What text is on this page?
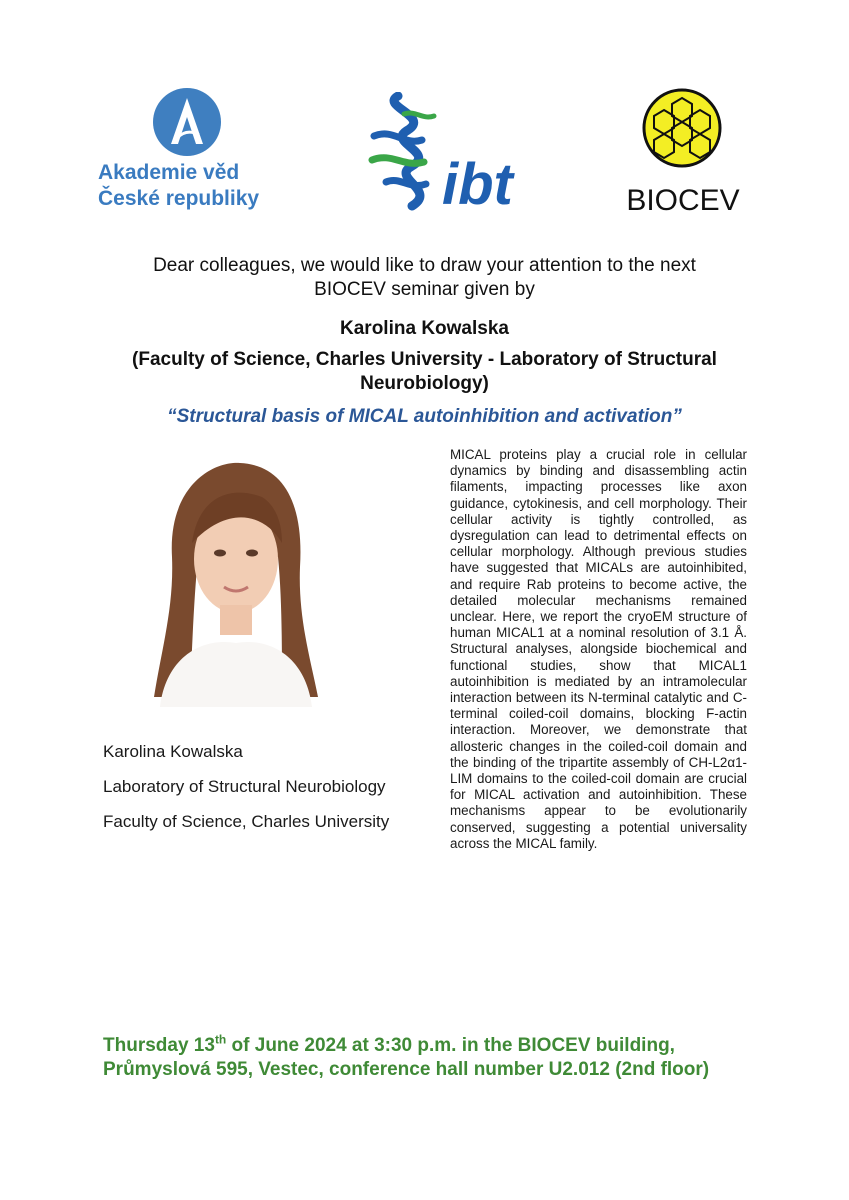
Akademie věd
České republiky	ibt	BIOCEV
Dear colleagues, we would like to draw your attention to the next BIOCEV seminar given by
Karolina Kowalska
(Faculty of Science, Charles University - Laboratory of Structural Neurobiology)
“Structural basis of MICAL autoinhibition and activation”

Karolina Kowalska

Laboratory of Structural Neurobiology

Faculty of Science, Charles University

MICAL proteins play a crucial role in cellular dynamics by binding and disassembling actin filaments, impacting processes like axon guidance, cytokinesis, and cell morphology. Their cellular activity is tightly controlled, as dysregulation can lead to detrimental effects on cellular morphology. Although previous studies have suggested that MICALs are autoinhibited, and require Rab proteins to become active, the detailed molecular mechanisms remained unclear. Here, we report the cryoEM structure of human MICAL1 at a nominal resolution of 3.1 Å. Structural analyses, alongside biochemical and functional studies, show that MICAL1 autoinhibition is mediated by an intramolecular interaction between its N-terminal catalytic and C-terminal coiled-coil domains, blocking F-actin interaction. Moreover, we demonstrate that allosteric changes in the coiled-coil domain and the binding of the tripartite assembly of CH-L2α1-LIM domains to the coiled-coil domain are crucial for MICAL activation and autoinhibition. These mechanisms appear to be evolutionarily conserved, suggesting a potential universality across the MICAL family.
Thursday 13th of June 2024 at 3:30 p.m. in the BIOCEV building,
Průmyslová 595, Vestec, conference hall number U2.012 (2nd floor)
